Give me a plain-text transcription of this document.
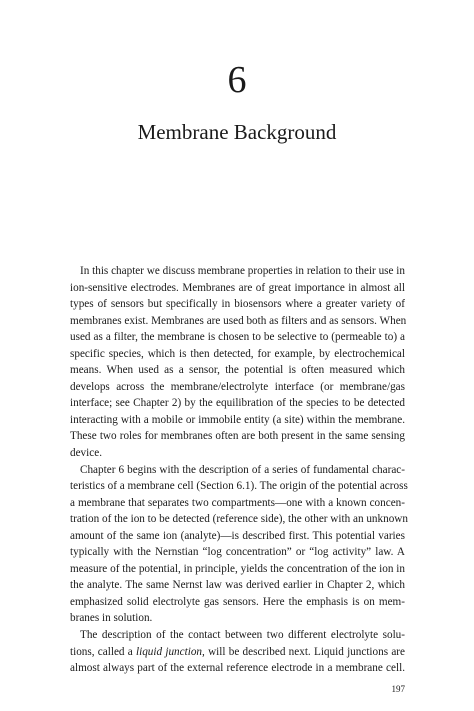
6
Membrane Background
In this chapter we discuss membrane properties in relation to their use in
ion-sensitive electrodes. Membranes are of great importance in almost all
types of sensors but specifically in biosensors where a greater variety of
membranes exist. Membranes are used both as filters and as sensors. When
used as a filter, the membrane is chosen to be selective to (permeable to) a
specific species, which is then detected, for example, by electrochemical
means. When used as a sensor, the potential is often measured which
develops across the membrane/electrolyte interface (or membrane/gas
interface; see Chapter 2) by the equilibration of the species to be detected
interacting with a mobile or immobile entity (a site) within the membrane.
These two roles for membranes often are both present in the same sensing
device.
Chapter 6 begins with the description of a series of fundamental charac-
teristics of a membrane cell (Section 6.1). The origin of the potential across
a membrane that separates two compartments—one with a known concen-
tration of the ion to be detected (reference side), the other with an unknown
amount of the same ion (analyte)—is described first. This potential varies
typically with the Nernstian “log concentration” or “log activity” law. A
measure of the potential, in principle, yields the concentration of the ion in
the analyte. The same Nernst law was derived earlier in Chapter 2, which
emphasized solid electrolyte gas sensors. Here the emphasis is on mem-
branes in solution.
The description of the contact between two different electrolyte solu-
tions, called a liquid junction, will be described next. Liquid junctions are
almost always part of the external reference electrode in a membrane cell.
197
